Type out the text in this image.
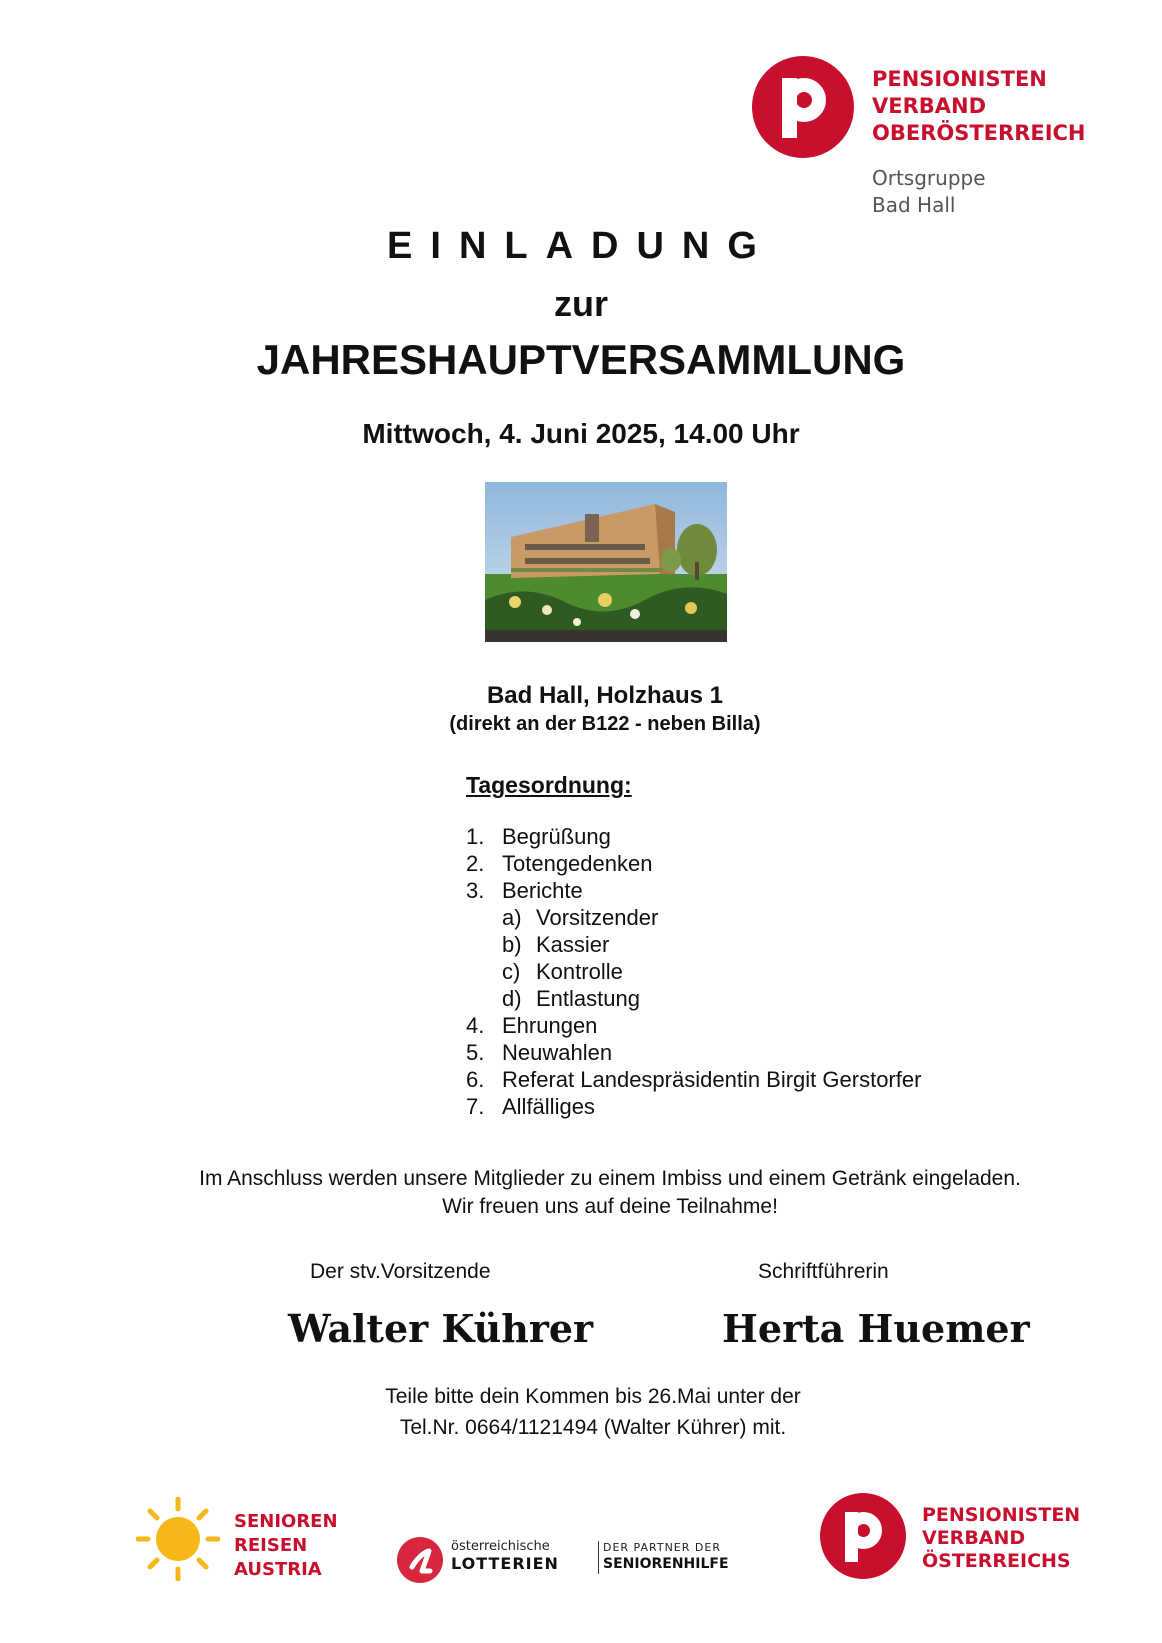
PENSIONISTEN
VERBAND
OBERÖSTERREICH
Ortsgruppe
Bad Hall
EINLADUNG
zur
JAHRESHAUPTVERSAMMLUNG
Mittwoch, 4. Juni 2025, 14.00 Uhr
Bad Hall, Holzhaus 1
(direkt an der B122 - neben Billa)
Tagesordnung:
1. Begrüßung
2. Totengedenken
3. Berichte
a) Vorsitzender
b) Kassier
c) Kontrolle
d) Entlastung
4. Ehrungen
5. Neuwahlen
6. Referat Landespräsidentin Birgit Gerstorfer
7. Allfälliges
Im Anschluss werden unsere Mitglieder zu einem Imbiss und einem Getränk eingeladen.
Wir freuen uns auf deine Teilnahme!
Der stv.Vorsitzende	Schriftführerin
Walter Kührer	Herta Huemer
Teile bitte dein Kommen bis 26.Mai unter der
Tel.Nr. 0664/1121494 (Walter Kührer) mit.
SENIOREN
REISEN
AUSTRIA
österreichische
LOTTERIEN
DER PARTNER DER
SENIORENHILFE
PENSIONISTEN
VERBAND
ÖSTERREICHS
